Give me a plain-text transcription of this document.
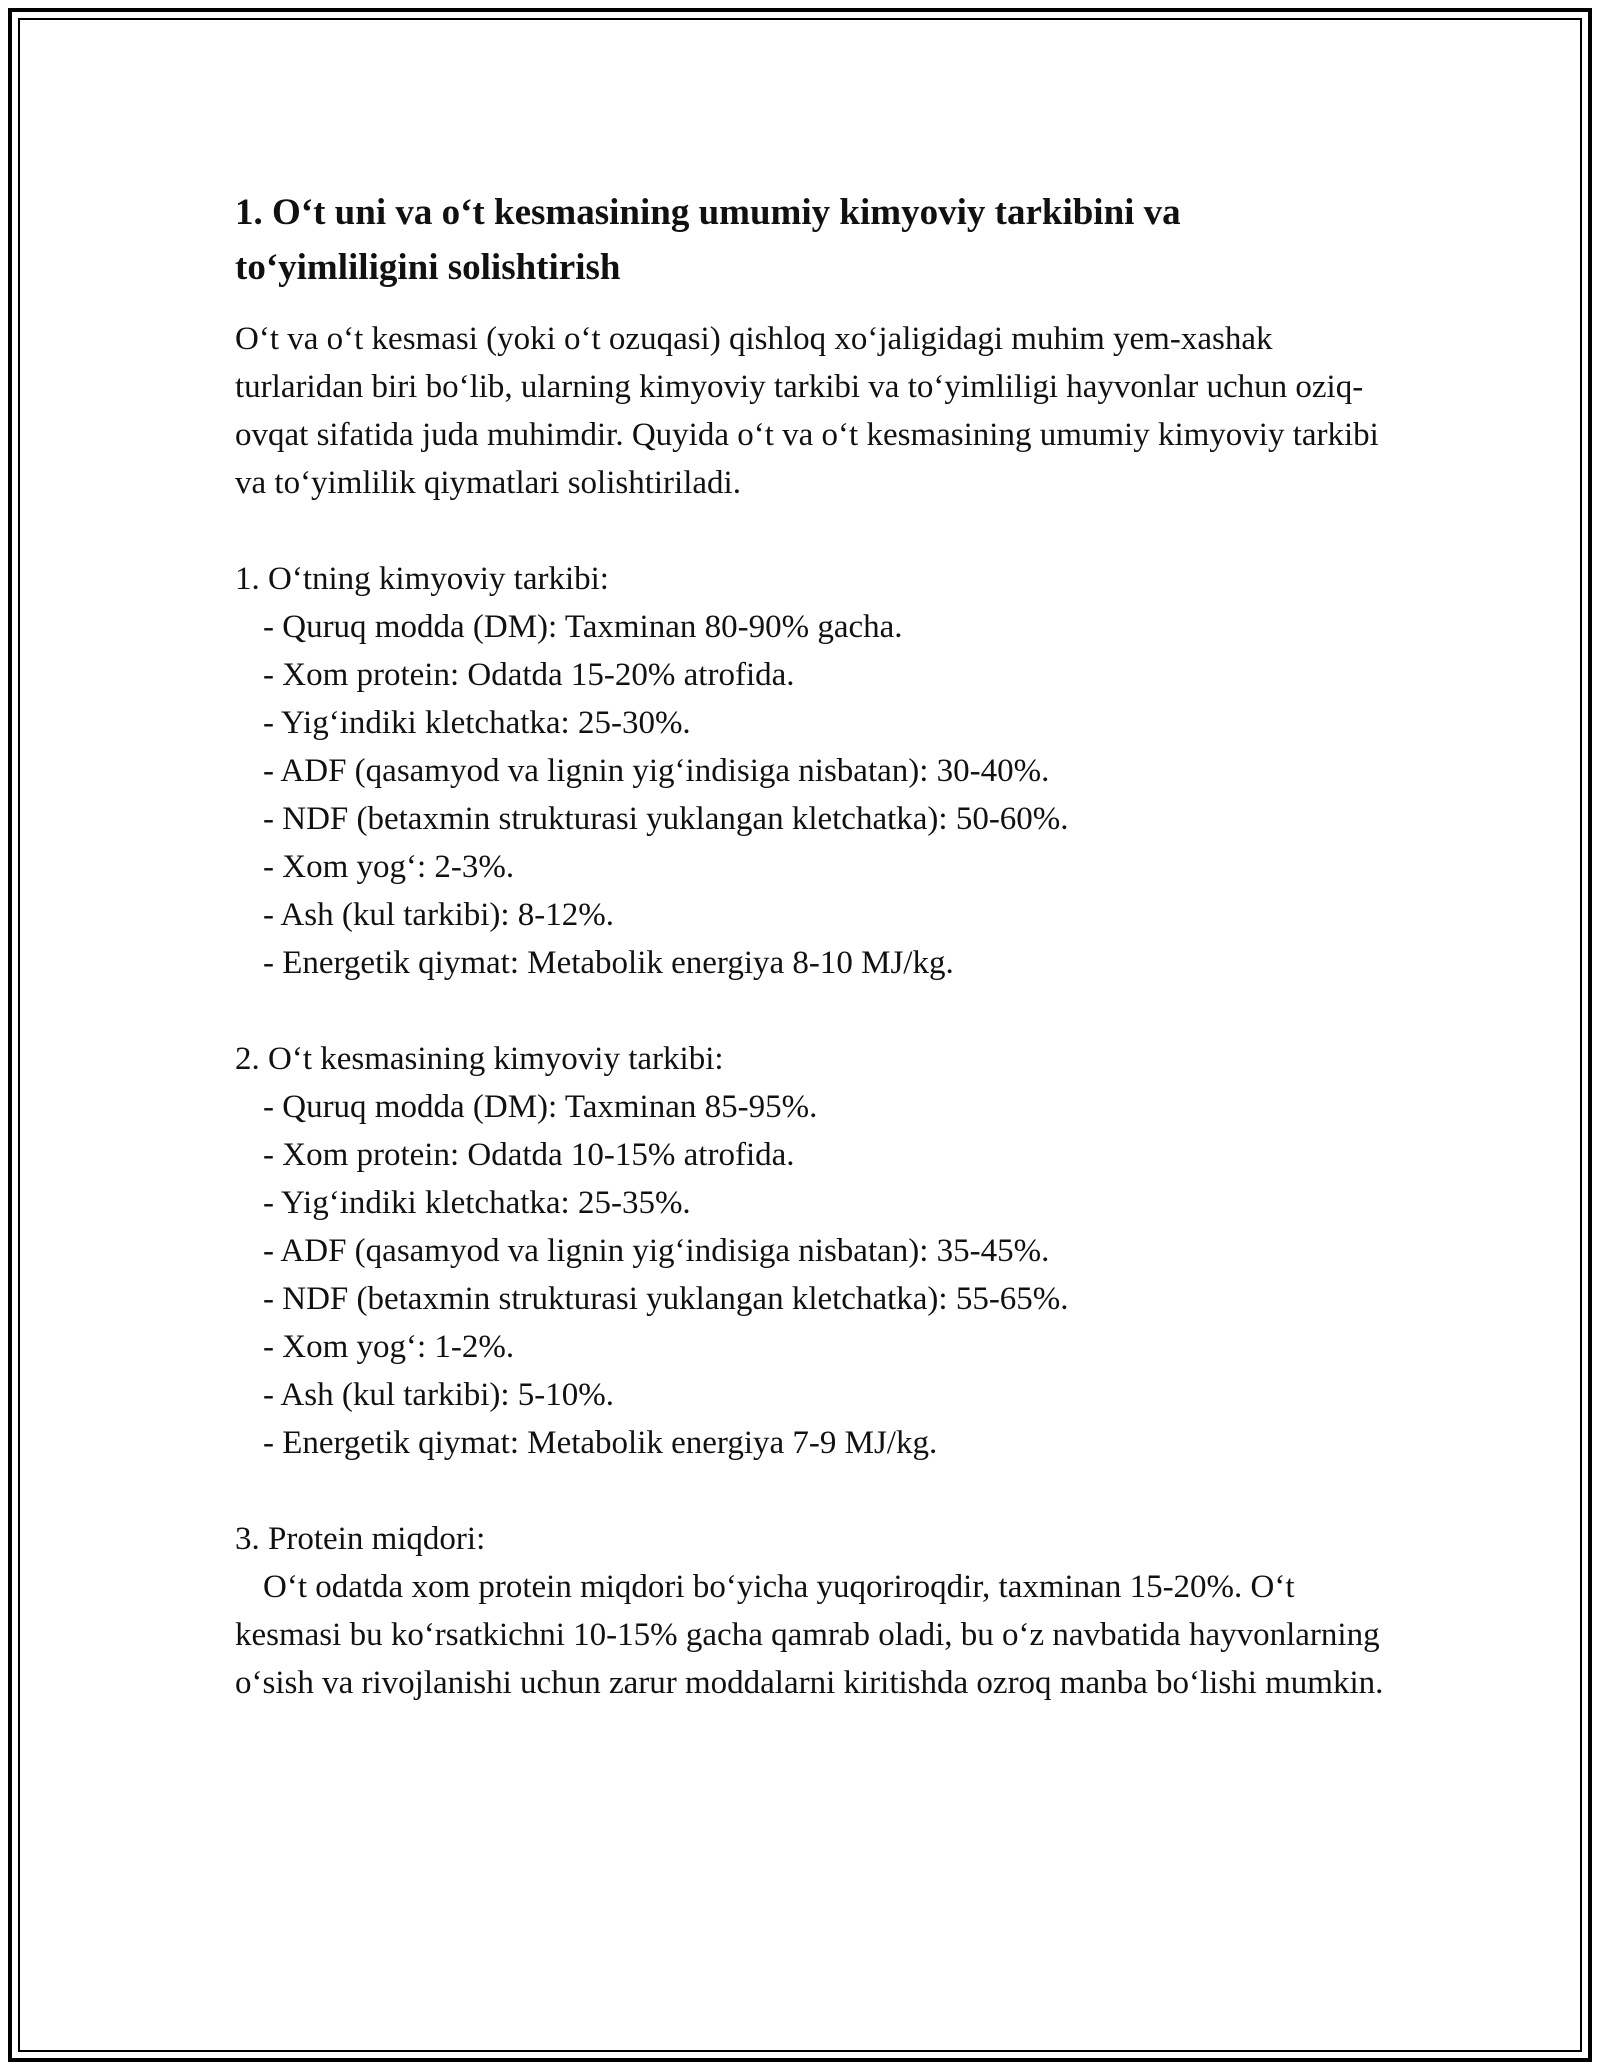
1. O‘t uni va o‘t kesmasining umumiy kimyoviy tarkibini va to‘yimliligini solishtirish

O‘t va o‘t kesmasi (yoki o‘t ozuqasi) qishloq xo‘jaligidagi muhim yem-xashak turlaridan biri bo‘lib, ularning kimyoviy tarkibi va to‘yimliligi hayvonlar uchun oziq-ovqat sifatida juda muhimdir. Quyida o‘t va o‘t kesmasining umumiy kimyoviy tarkibi va to‘yimlilik qiymatlari solishtiriladi.

1. O‘tning kimyoviy tarkibi:
- Quruq modda (DM): Taxminan 80-90% gacha.
- Xom protein: Odatda 15-20% atrofida.
- Yig‘indiki kletchatka: 25-30%.
- ADF (qasamyod va lignin yig‘indisiga nisbatan): 30-40%.
- NDF (betaxmin strukturasi yuklangan kletchatka): 50-60%.
- Xom yog‘: 2-3%.
- Ash (kul tarkibi): 8-12%.
- Energetik qiymat: Metabolik energiya 8-10 MJ/kg.
2. O‘t kesmasining kimyoviy tarkibi:
- Quruq modda (DM): Taxminan 85-95%.
- Xom protein: Odatda 10-15% atrofida.
- Yig‘indiki kletchatka: 25-35%.
- ADF (qasamyod va lignin yig‘indisiga nisbatan): 35-45%.
- NDF (betaxmin strukturasi yuklangan kletchatka): 55-65%.
- Xom yog‘: 1-2%.
- Ash (kul tarkibi): 5-10%.
- Energetik qiymat: Metabolik energiya 7-9 MJ/kg.
3. Protein miqdori:

O‘t odatda xom protein miqdori bo‘yicha yuqoriroqdir, taxminan 15-20%. O‘t kesmasi bu ko‘rsatkichni 10-15% gacha qamrab oladi, bu o‘z navbatida hayvonlarning o‘sish va rivojlanishi uchun zarur moddalarni kiritishda ozroq manba bo‘lishi mumkin.
